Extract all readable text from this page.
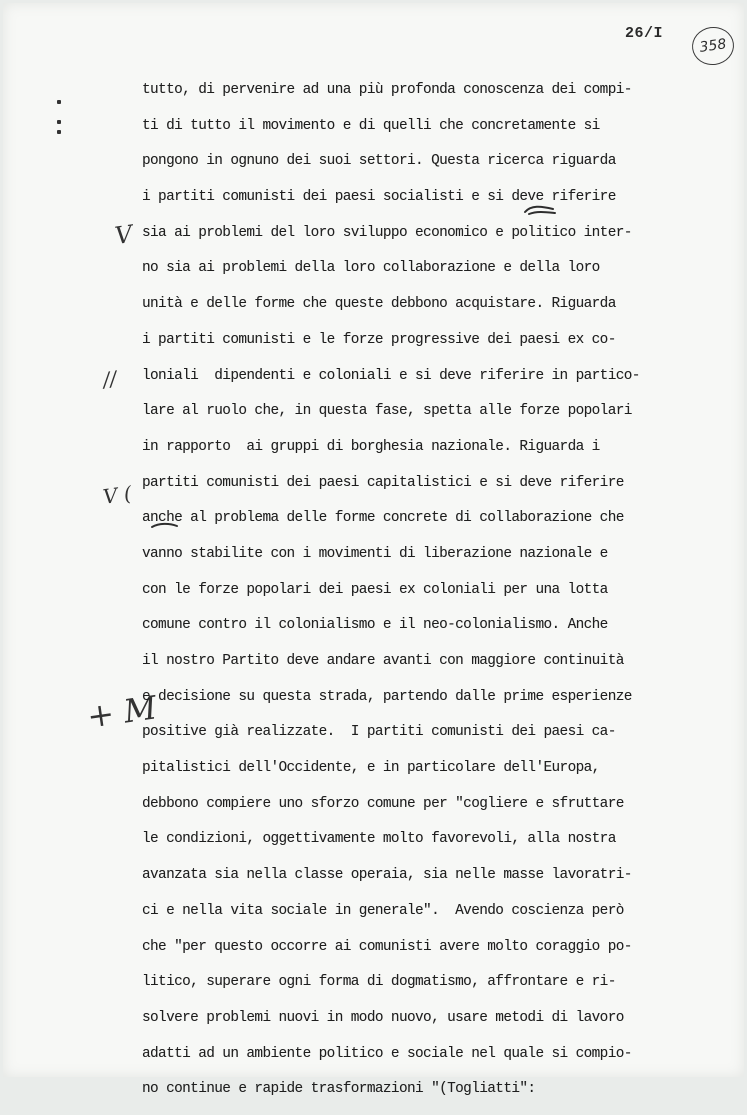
26/I
358
V
//
V (
+ M
tutto, di pervenire ad una più profonda conoscenza dei compi-
ti di tutto il movimento e di quelli che concretamente si
pongono in ognuno dei suoi settori. Questa ricerca riguarda
i partiti comunisti dei paesi socialisti e si deve riferire
sia ai problemi del loro sviluppo economico e politico inter-
no sia ai problemi della loro collaborazione e della loro
unità e delle forme che queste debbono acquistare. Riguarda
i partiti comunisti e le forze progressive dei paesi ex co-
loniali  dipendenti e coloniali e si deve riferire in partico-
lare al ruolo che, in questa fase, spetta alle forze popolari
in rapporto  ai gruppi di borghesia nazionale. Riguarda i
partiti comunisti dei paesi capitalistici e si deve riferire
anche al problema delle forme concrete di collaborazione che
vanno stabilite con i movimenti di liberazione nazionale e
con le forze popolari dei paesi ex coloniali per una lotta
comune contro il colonialismo e il neo-colonialismo. Anche
il nostro Partito deve andare avanti con maggiore continuità
e decisione su questa strada, partendo dalle prime esperienze
positive già realizzate.  I partiti comunisti dei paesi ca-
pitalistici dell'Occidente, e in particolare dell'Europa,
debbono compiere uno sforzo comune per "cogliere e sfruttare
le condizioni, oggettivamente molto favorevoli, alla nostra
avanzata sia nella classe operaia, sia nelle masse lavoratri-
ci e nella vita sociale in generale".  Avendo coscienza però
che "per questo occorre ai comunisti avere molto coraggio po-
litico, superare ogni forma di dogmatismo, affrontare e ri-
solvere problemi nuovi in modo nuovo, usare metodi di lavoro
adatti ad un ambiente politico e sociale nel quale si compio-
no continue e rapide trasformazioni "(Togliatti":
